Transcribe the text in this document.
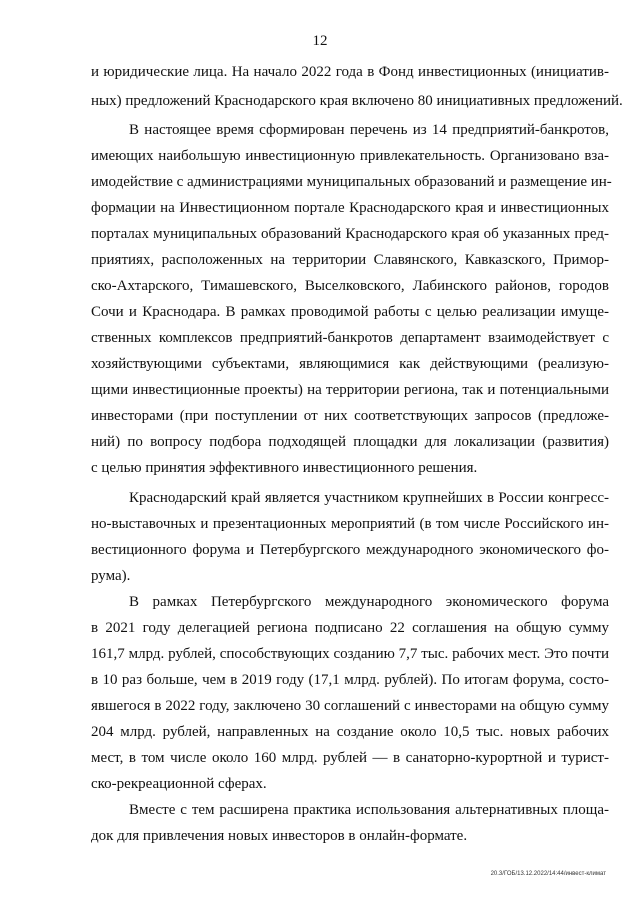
12
и юридические лица. На начало 2022 года в Фонд инвестиционных (инициатив-
ных) предложений Краснодарского края включено 80 инициативных предложений.
В настоящее время сформирован перечень из 14 предприятий-банкротов,
имеющих наибольшую инвестиционную привлекательность. Организовано вза-
имодействие с администрациями муниципальных образований и размещение ин-
формации на Инвестиционном портале Краснодарского края и инвестиционных
порталах муниципальных образований Краснодарского края об указанных пред-
приятиях, расположенных на территории Славянского, Кавказского, Примор-
ско-Ахтарского, Тимашевского, Выселковского, Лабинского районов, городов
Сочи и Краснодара. В рамках проводимой работы с целью реализации имуще-
ственных комплексов предприятий-банкротов департамент взаимодействует с
хозяйствующими субъектами, являющимися как действующими (реализую-
щими инвестиционные проекты) на территории региона, так и потенциальными
инвесторами (при поступлении от них соответствующих запросов (предложе-
ний) по вопросу подбора подходящей площадки для локализации (развития)
с целью принятия эффективного инвестиционного решения.
Краснодарский край является участником крупнейших в России конгресс-
но-выставочных и презентационных мероприятий (в том числе Российского ин-
вестиционного форума и Петербургского международного экономического фо-
рума).
В рамках Петербургского международного экономического форума
в 2021 году делегацией региона подписано 22 соглашения на общую сумму
161,7 млрд. рублей, способствующих созданию 7,7 тыс. рабочих мест. Это почти
в 10 раз больше, чем в 2019 году (17,1 млрд. рублей). По итогам форума, состо-
явшегося в 2022 году, заключено 30 соглашений с инвесторами на общую сумму
204 млрд. рублей, направленных на создание около 10,5 тыс. новых рабочих
мест, в том числе около 160 млрд. рублей — в санаторно-курортной и турист-
ско-рекреационной сферах.
Вместе с тем расширена практика использования альтернативных площа-
док для привлечения новых инвесторов в онлайн-формате.
20.3/ГОБ/13.12.2022/14:44/инвест-климат
